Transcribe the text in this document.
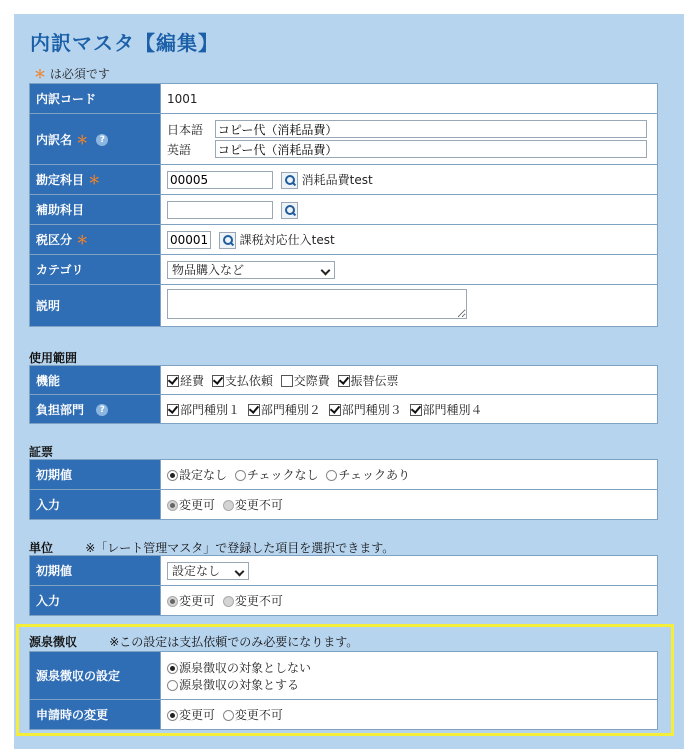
内訳マスタ【編集】
＊ は必須です
内訳コード	1001
内訳名 ＊ ?	日本語 コピー代（消耗品費）
英語 コピー代（消耗品費）

勘定科目 ＊	00005消耗品費test
補助科目	
税区分 ＊	00001課税対応仕入test
カテゴリ	物品購入など

説明	
使用範囲
機能	経費 支払依頼 交際費 振替伝票
負担部門 ?	部門種別１ 部門種別２ 部門種別３ 部門種別４
証票
初期値	設定なし チェックなし チェックあり
入力	変更可 変更不可
単位	※「レート管理マスタ」で登録した項目を選択できます。
初期値	設定なし

入力	変更可 変更不可
源泉徴収	※この設定は支払依頼でのみ必要になります。
源泉徴収の設定	源泉徴収の対象としない
源泉徴収の対象とする

申請時の変更	変更可 変更不可
